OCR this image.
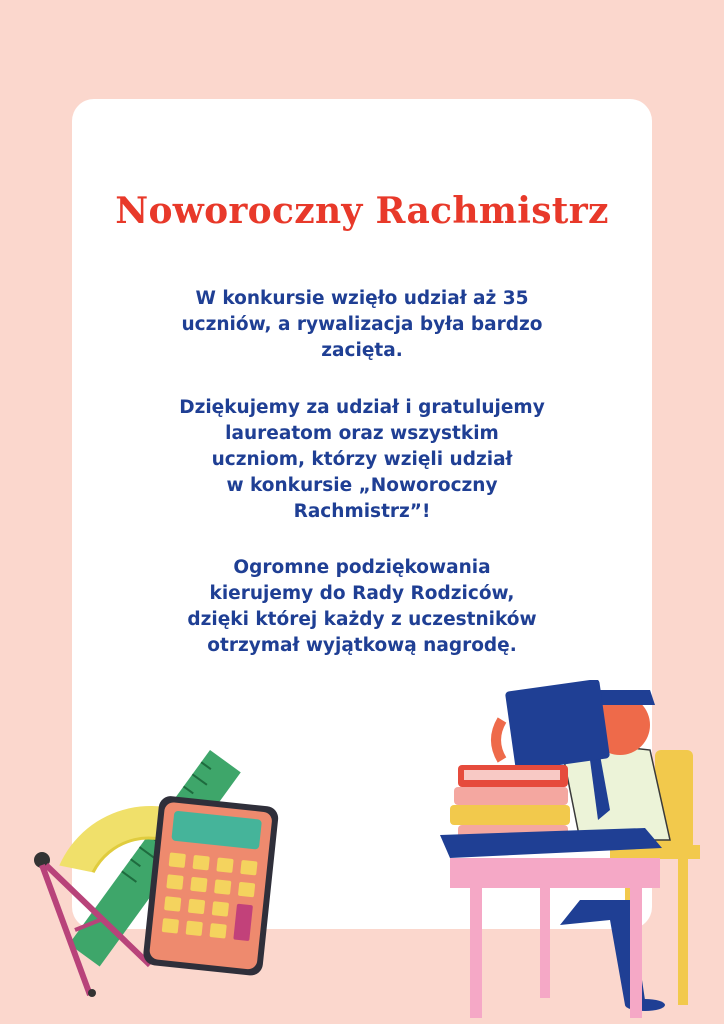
Noworoczny Rachmistrz
W konkursie wzięło udział aż 35
uczniów, a rywalizacja była bardzo
zacięta.
Dziękujemy za udział i gratulujemy
laureatom oraz wszystkim
uczniom, którzy wzięli udział
w konkursie „Noworoczny
Rachmistrz”!
Ogromne podziękowania
kierujemy do Rady Rodziców,
dzięki której każdy z uczestników
otrzymał wyjątkową nagrodę.
